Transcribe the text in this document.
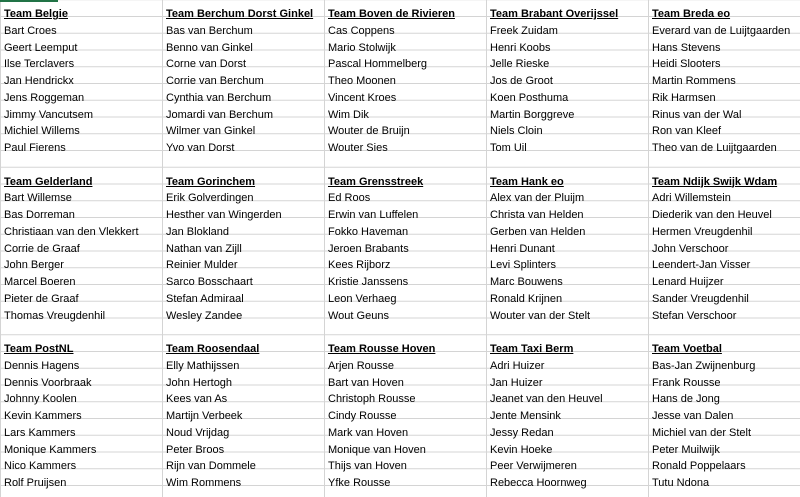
Team Belgie
Bart Croes
Geert Leemput
Ilse Terclavers
Jan Hendrickx
Jens Roggeman
Jimmy Vancutsem
Michiel Willems
Paul Fierens
Team Berchum Dorst Ginkel
Bas van Berchum
Benno van Ginkel
Corne van Dorst
Corrie van Berchum
Cynthia van Berchum
Jomardi van Berchum
Wilmer van Ginkel
Yvo van Dorst
Team Boven de Rivieren
Cas Coppens
Mario Stolwijk
Pascal Hommelberg
Theo Moonen
Vincent Kroes
Wim Dik
Wouter de Bruijn
Wouter Sies
Team Brabant Overijssel
Freek Zuidam
Henri Koobs
Jelle Rieske
Jos de Groot
Koen Posthuma
Martin Borggreve
Niels Cloin
Tom Uil
Team Breda eo
Everard van de Luijtgaarden
Hans Stevens
Heidi Slooters
Martin Rommens
Rik Harmsen
Rinus van der Wal
Ron van Kleef
Theo van de Luijtgaarden
Team Gelderland
Bart Willemse
Bas Dorreman
Christiaan van den Vlekkert
Corrie de Graaf
John Berger
Marcel Boeren
Pieter de Graaf
Thomas Vreugdenhil
Team Gorinchem
Erik Golverdingen
Hesther van Wingerden
Jan Blokland
Nathan van Zijll
Reinier Mulder
Sarco Bosschaart
Stefan Admiraal
Wesley Zandee
Team Grensstreek
Ed Roos
Erwin van Luffelen
Fokko Haveman
Jeroen Brabants
Kees Rijborz
Kristie Janssens
Leon Verhaeg
Wout Geuns
Team Hank eo
Alex van der Pluijm
Christa van Helden
Gerben van Helden
Henri Dunant
Levi Splinters
Marc Bouwens
Ronald Krijnen
Wouter van der Stelt
Team Ndijk Swijk Wdam
Adri Willemstein
Diederik van den Heuvel
Hermen Vreugdenhil
John Verschoor
Leendert-Jan Visser
Lenard Huijzer
Sander Vreugdenhil
Stefan Verschoor
Team PostNL
Dennis Hagens
Dennis Voorbraak
Johnny Koolen
Kevin Kammers
Lars Kammers
Monique Kammers
Nico Kammers
Rolf Pruijsen
Team Roosendaal
Elly Mathijssen
John Hertogh
Kees van As
Martijn Verbeek
Noud Vrijdag
Peter Broos
Rijn van Dommele
Wim Rommens
Team Rousse Hoven
Arjen Rousse
Bart van Hoven
Christoph Rousse
Cindy Rousse
Mark van Hoven
Monique van Hoven
Thijs van Hoven
Yfke Rousse
Team Taxi Berm
Adri Huizer
Jan Huizer
Jeanet van den Heuvel
Jente Mensink
Jessy Redan
Kevin Hoeke
Peer Verwijmeren
Rebecca Hoornweg
Team Voetbal
Bas-Jan Zwijnenburg
Frank Rousse
Hans de Jong
Jesse van Dalen
Michiel van der Stelt
Peter Muilwijk
Ronald Poppelaars
Tutu Ndona
